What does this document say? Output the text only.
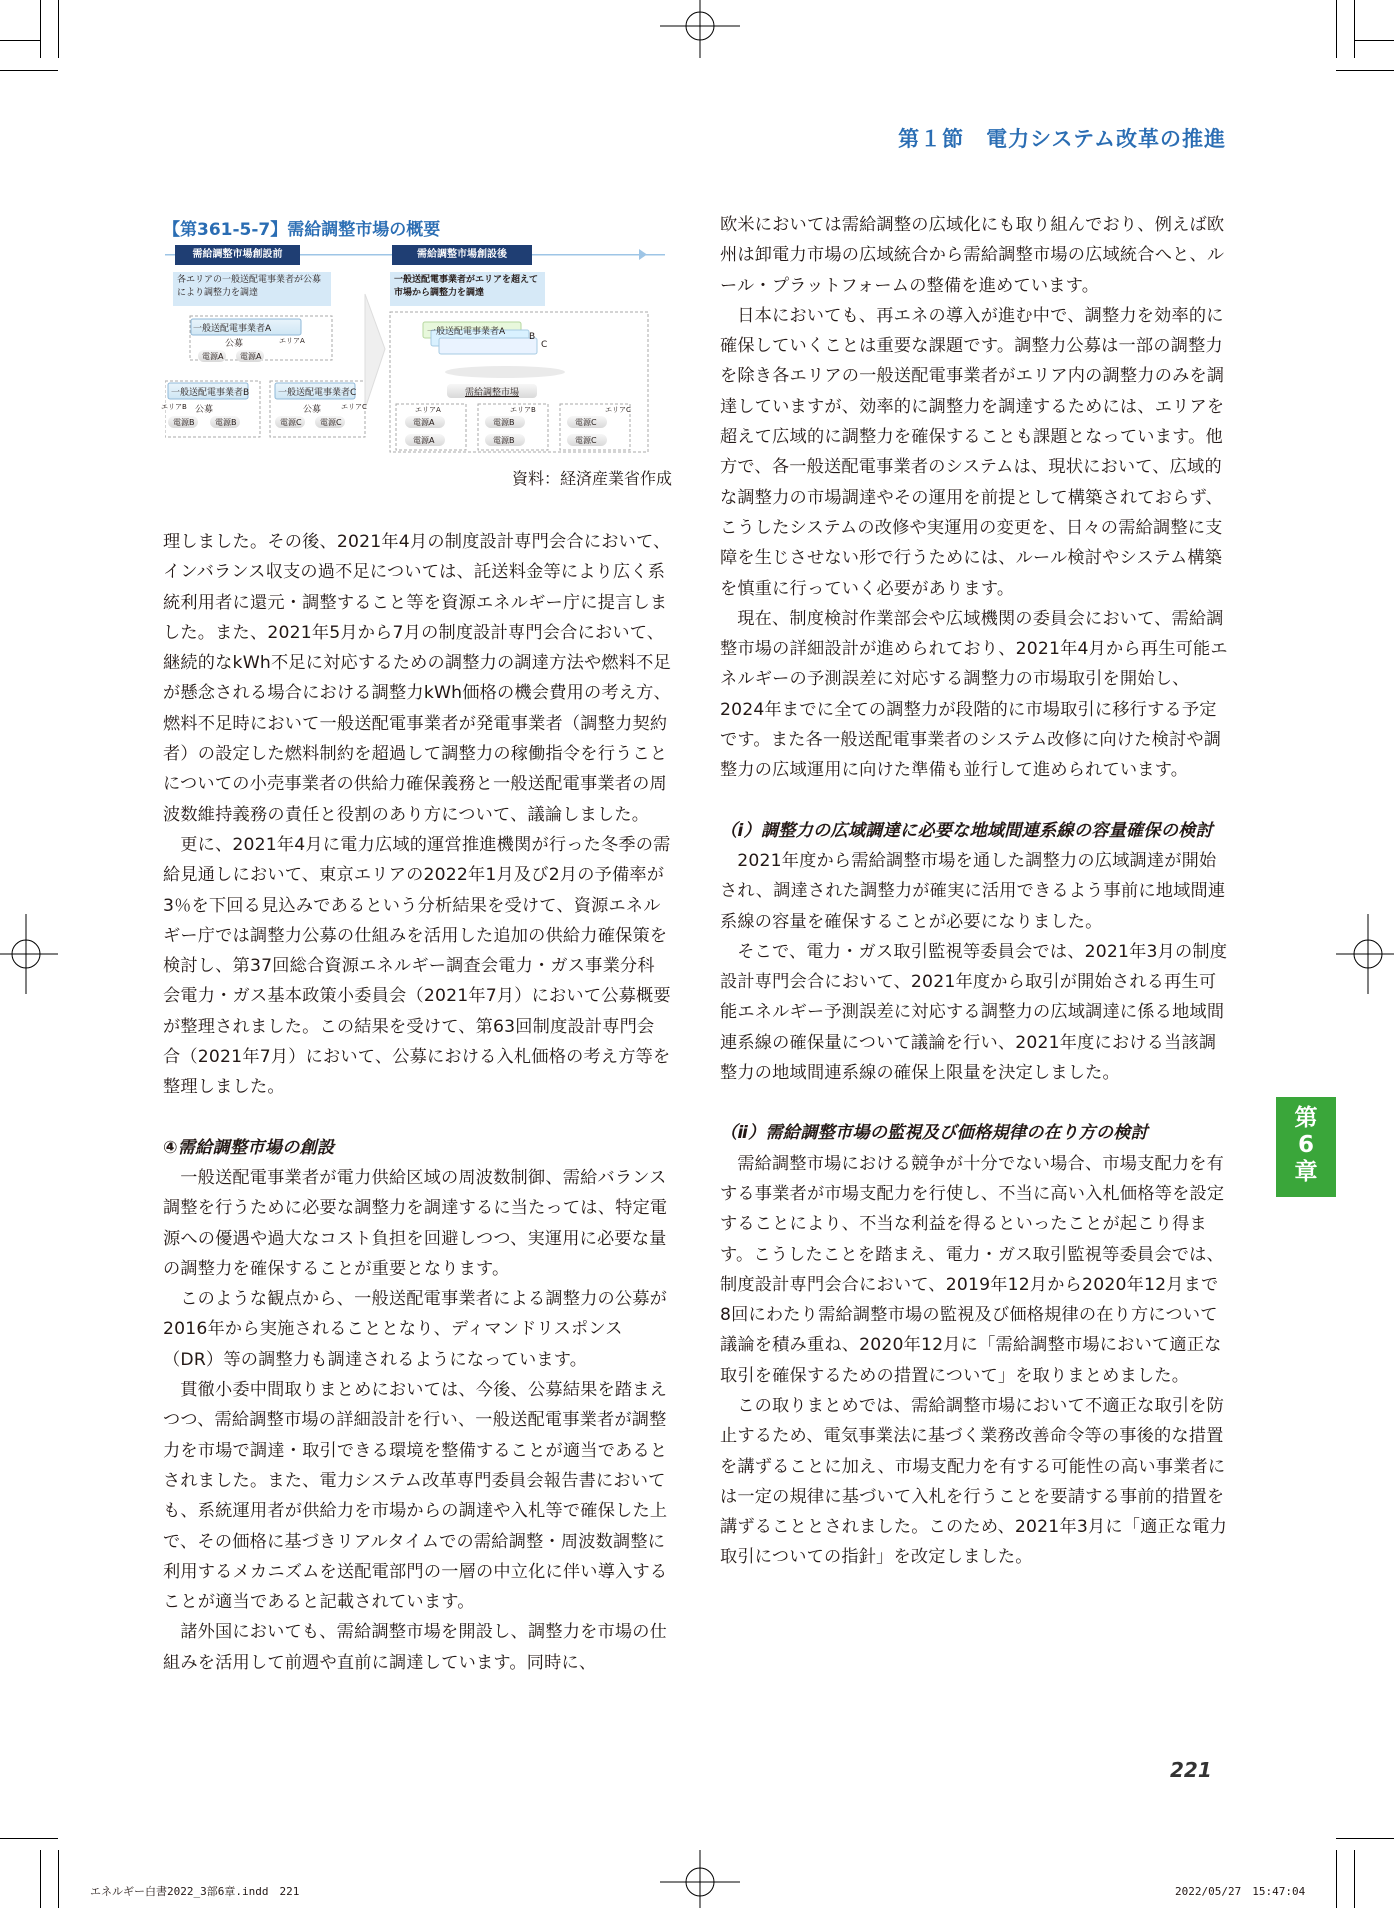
第１節　電力システム改革の推進
【第361-5-7】需給調整市場の概要
需給調整市場創設前
各エリアの一般送配電事業者が公募により調整力を調達
一般送配電事業者A
公募	エリアA
電源A 電源A
一般送配電事業者B
エリアB 公募
電源B	電源B
一般送配電事業者C
公募	エリアC
電源C 電源C
需給調整市場創設後
一般送配電事業者がエリアを超えて市場から調整力を調達
一般送配電事業者A	B
C
需給調整市場
エリアA	エリアB	エリアC
電源A
電源A
電源B
電源B
電源C
電源C
資料：経済産業省作成

理しました。その後、2021年4月の制度設計専門会合において、インバランス収支の過不足については、託送料金等により広く系統利用者に還元・調整すること等を資源エネルギー庁に提言しました。また、2021年5月から7月の制度設計専門会合において、継続的なkWh不足に対応するための調整力の調達方法や燃料不足が懸念される場合における調整力kWh価格の機会費用の考え方、燃料不足時において一般送配電事業者が発電事業者（調整力契約者）の設定した燃料制約を超過して調整力の稼働指令を行うことについての小売事業者の供給力確保義務と一般送配電事業者の周波数維持義務の責任と役割のあり方について、議論しました。

更に、2021年4月に電力広域的運営推進機関が行った冬季の需給見通しにおいて、東京エリアの2022年1月及び2月の予備率が3％を下回る見込みであるという分析結果を受けて、資源エネルギー庁では調整力公募の仕組みを活用した追加の供給力確保策を検討し、第37回総合資源エネルギー調査会電力・ガス事業分科会電力・ガス基本政策小委員会（2021年7月）において公募概要が整理されました。この結果を受けて、第63回制度設計専門会合（2021年7月）において、公募における入札価格の考え方等を整理しました。

④需給調整市場の創設

一般送配電事業者が電力供給区域の周波数制御、需給バランス調整を行うために必要な調整力を調達するに当たっては、特定電源への優遇や過大なコスト負担を回避しつつ、実運用に必要な量の調整力を確保することが重要となります。

このような観点から、一般送配電事業者による調整力の公募が2016年から実施されることとなり、ディマンドリスポンス（DR）等の調整力も調達されるようになっています。

貫徹小委中間取りまとめにおいては、今後、公募結果を踏まえつつ、需給調整市場の詳細設計を行い、一般送配電事業者が調整力を市場で調達・取引できる環境を整備することが適当であるとされました。また、電力システム改革専門委員会報告書においても、系統運用者が供給力を市場からの調達や入札等で確保した上で、その価格に基づきリアルタイムでの需給調整・周波数調整に利用するメカニズムを送配電部門の一層の中立化に伴い導入することが適当であると記載されています。

諸外国においても、需給調整市場を開設し、調整力を市場の仕組みを活用して前週や直前に調達しています。同時に、

欧米においては需給調整の広域化にも取り組んでおり、例えば欧州は卸電力市場の広域統合から需給調整市場の広域統合へと、ルール・プラットフォームの整備を進めています。

日本においても、再エネの導入が進む中で、調整力を効率的に確保していくことは重要な課題です。調整力公募は一部の調整力を除き各エリアの一般送配電事業者がエリア内の調整力のみを調達していますが、効率的に調整力を調達するためには、エリアを超えて広域的に調整力を確保することも課題となっています。他方で、各一般送配電事業者のシステムは、現状において、広域的な調整力の市場調達やその運用を前提として構築されておらず、こうしたシステムの改修や実運用の変更を、日々の需給調整に支障を生じさせない形で行うためには、ルール検討やシステム構築を慎重に行っていく必要があります。

現在、制度検討作業部会や広域機関の委員会において、需給調整市場の詳細設計が進められており、2021年4月から再生可能エネルギーの予測誤差に対応する調整力の市場取引を開始し、2024年までに全ての調整力が段階的に市場取引に移行する予定です。また各一般送配電事業者のシステム改修に向けた検討や調整力の広域運用に向けた準備も並行して進められています。

（ⅰ）調整力の広域調達に必要な地域間連系線の容量確保の検討

2021年度から需給調整市場を通した調整力の広域調達が開始され、調達された調整力が確実に活用できるよう事前に地域間連系線の容量を確保することが必要になりました。

そこで、電力・ガス取引監視等委員会では、2021年3月の制度設計専門会合において、2021年度から取引が開始される再生可能エネルギー予測誤差に対応する調整力の広域調達に係る地域間連系線の確保量について議論を行い、2021年度における当該調整力の地域間連系線の確保上限量を決定しました。

（ⅱ）需給調整市場の監視及び価格規律の在り方の検討

需給調整市場における競争が十分でない場合、市場支配力を有する事業者が市場支配力を行使し、不当に高い入札価格等を設定することにより、不当な利益を得るといったことが起こり得ます。こうしたことを踏まえ、電力・ガス取引監視等委員会では、制度設計専門会合において、2019年12月から2020年12月まで8回にわたり需給調整市場の監視及び価格規律の在り方について議論を積み重ね、2020年12月に「需給調整市場において適正な取引を確保するための措置について」を取りまとめました。

この取りまとめでは、需給調整市場において不適正な取引を防止するため、電気事業法に基づく業務改善命令等の事後的な措置を講ずることに加え、市場支配力を有する可能性の高い事業者には一定の規律に基づいて入札を行うことを要請する事前的措置を講ずることとされました。このため、2021年3月に「適正な電力取引についての指針」を改定しました。

第
6
章
221
エネルギー白書2022_3部6章.indd　221	2022/05/27　15:47:04
